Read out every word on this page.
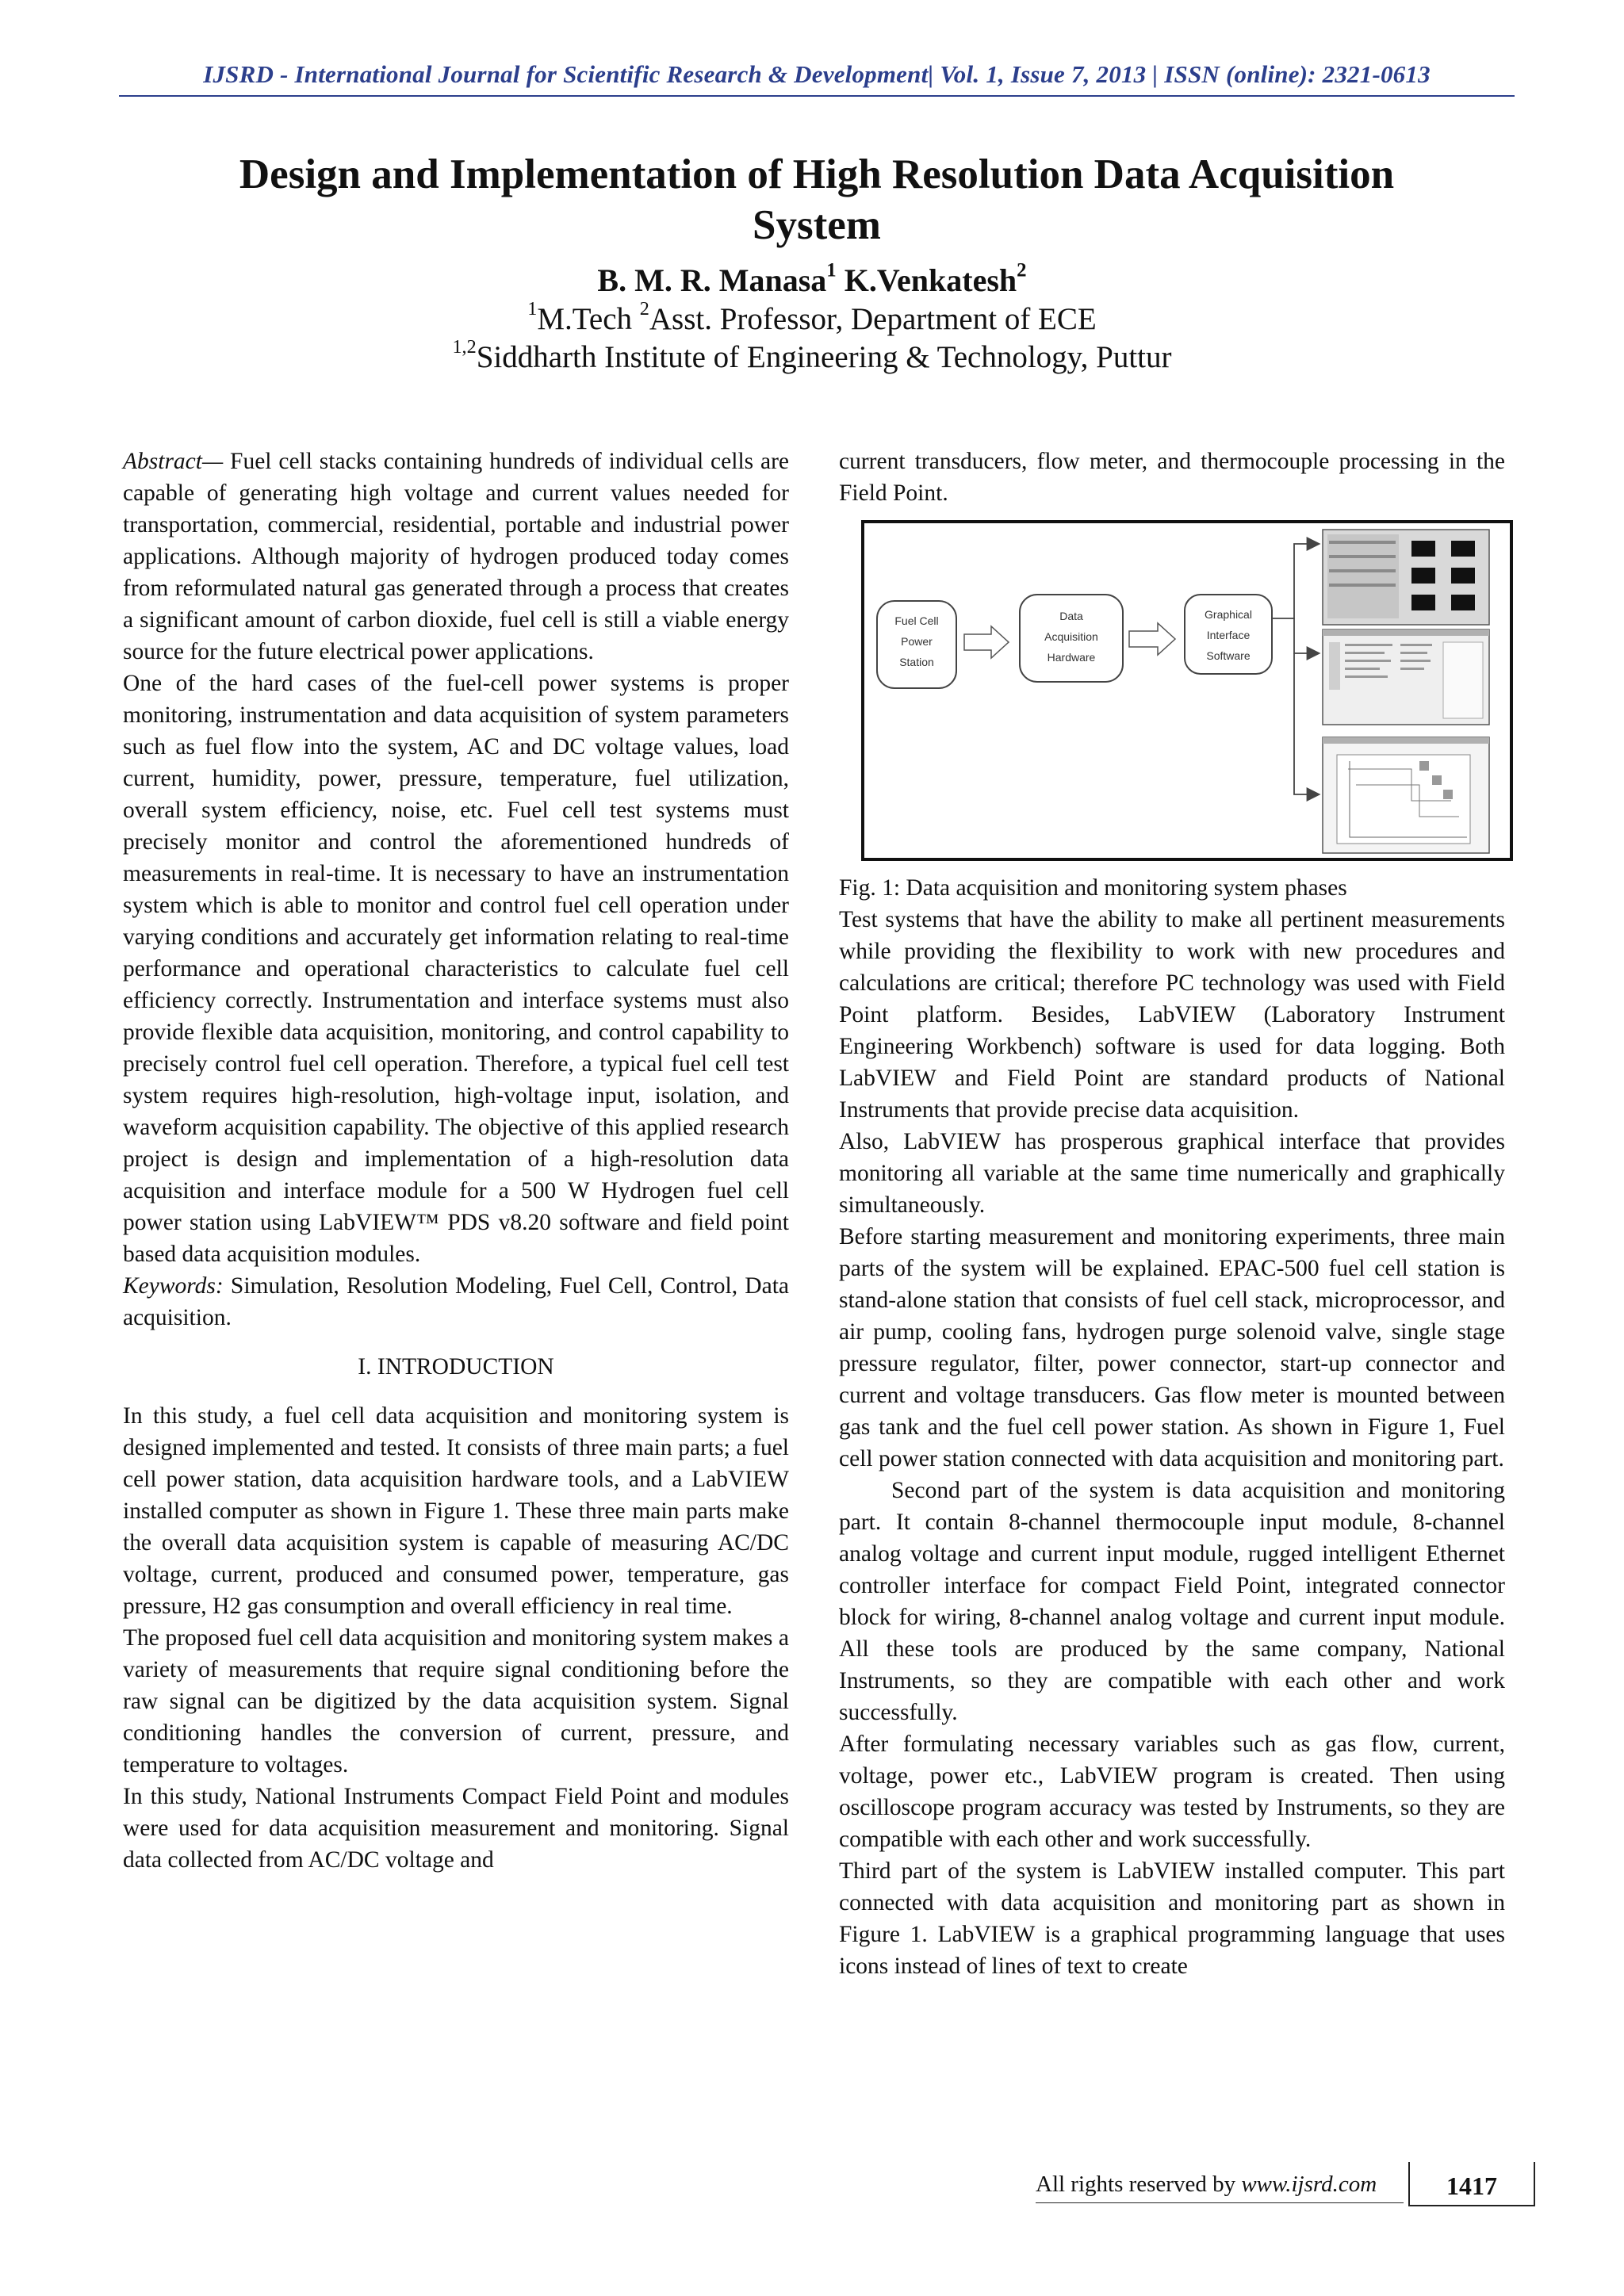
IJSRD - International Journal for Scientific Research & Development| Vol. 1, Issue 7, 2013 | ISSN (online): 2321-0613
Design and Implementation of High Resolution Data Acquisition System
B. M. R. Manasa$^1$ K.Venkatesh$^2$
$^1$M.Tech $^2$Asst. Professor, Department of ECE
$^{1,2}$Siddharth Institute of Engineering & Technology, Puttur

Abstract— Fuel cell stacks containing hundreds of individual cells are capable of generating high voltage and current values needed for transportation, commercial, residential, portable and industrial power applications. Although majority of hydrogen produced today comes from reformulated natural gas generated through a process that creates a significant amount of carbon dioxide, fuel cell is still a viable energy source for the future electrical power applications.

One of the hard cases of the fuel-cell power systems is proper monitoring, instrumentation and data acquisition of system parameters such as fuel flow into the system, AC and DC voltage values, load current, humidity, power, pressure, temperature, fuel utilization, overall system efficiency, noise, etc. Fuel cell test systems must precisely monitor and control the aforementioned hundreds of measurements in real-time. It is necessary to have an instrumentation system which is able to monitor and control fuel cell operation under varying conditions and accurately get information relating to real-time performance and operational characteristics to calculate fuel cell efficiency correctly. Instrumentation and interface systems must also provide flexible data acquisition, monitoring, and control capability to precisely control fuel cell operation. Therefore, a typical fuel cell test system requires high-resolution, high-voltage input, isolation, and waveform acquisition capability. The objective of this applied research project is design and implementation of a high-resolution data acquisition and interface module for a 500 W Hydrogen fuel cell power station using LabVIEW™ PDS v8.20 software and field point based data acquisition modules.

Keywords: Simulation, Resolution Modeling, Fuel Cell, Control, Data acquisition.

I. INTRODUCTION

In this study, a fuel cell data acquisition and monitoring system is designed implemented and tested. It consists of three main parts; a fuel cell power station, data acquisition hardware tools, and a LabVIEW installed computer as shown in Figure 1. These three main parts make the overall data acquisition system is capable of measuring AC/DC voltage, current, produced and consumed power, temperature, gas pressure, H2 gas consumption and overall efficiency in real time.

The proposed fuel cell data acquisition and monitoring system makes a variety of measurements that require signal conditioning before the raw signal can be digitized by the data acquisition system. Signal conditioning handles the conversion of current, pressure, and temperature to voltages.

In this study, National Instruments Compact Field Point and modules were used for data acquisition measurement and monitoring. Signal data collected from AC/DC voltage and

current transducers, flow meter, and thermocouple processing in the Field Point.

Fuel Cell
Power
Station
Data
Acquisition
Hardware
Graphical
Interface
Software

Fig. 1: Data acquisition and monitoring system phases

Test systems that have the ability to make all pertinent measurements while providing the flexibility to work with new procedures and calculations are critical; therefore PC technology was used with Field Point platform. Besides, LabVIEW (Laboratory Instrument Engineering Workbench) software is used for data logging. Both LabVIEW and Field Point are standard products of National Instruments that provide precise data acquisition.

Also, LabVIEW has prosperous graphical interface that provides monitoring all variable at the same time numerically and graphically simultaneously.

Before starting measurement and monitoring experiments, three main parts of the system will be explained. EPAC-500 fuel cell station is stand-alone station that consists of fuel cell stack, microprocessor, and air pump, cooling fans, hydrogen purge solenoid valve, single stage pressure regulator, filter, power connector, start-up connector and current and voltage transducers. Gas flow meter is mounted between gas tank and the fuel cell power station. As shown in Figure 1, Fuel cell power station connected with data acquisition and monitoring part.

Second part of the system is data acquisition and monitoring part. It contain 8-channel thermocouple input module, 8-channel analog voltage and current input module, rugged intelligent Ethernet controller interface for compact Field Point, integrated connector block for wiring, 8-channel analog voltage and current input module. All these tools are produced by the same company, National Instruments, so they are compatible with each other and work successfully.

After formulating necessary variables such as gas flow, current, voltage, power etc., LabVIEW program is created. Then using oscilloscope program accuracy was tested by Instruments, so they are compatible with each other and work successfully.

Third part of the system is LabVIEW installed computer. This part connected with data acquisition and monitoring part as shown in Figure 1. LabVIEW is a graphical programming language that uses icons instead of lines of text to create

All rights reserved by www.ijsrd.com	1417
